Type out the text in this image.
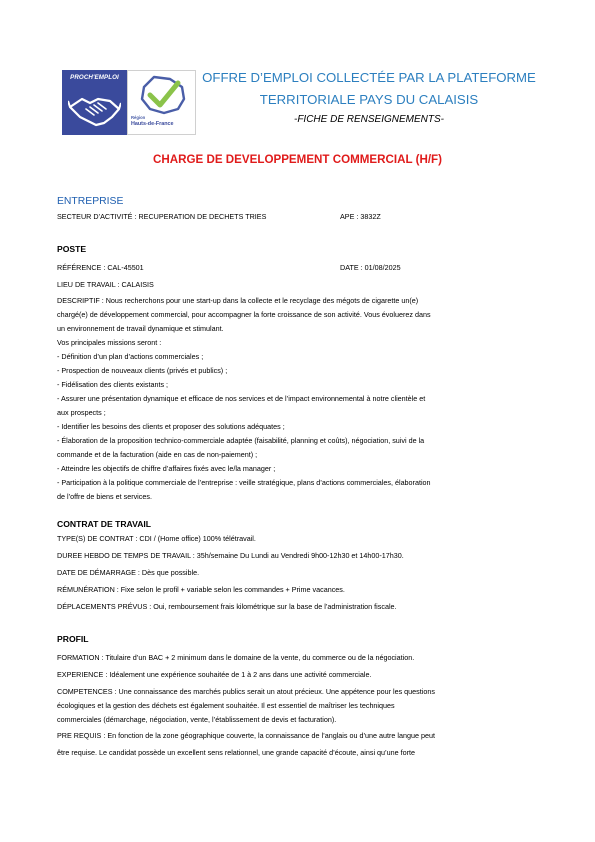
PROCH'EMPLOI
Région
Hauts-de-France
OFFRE D’EMPLOI COLLECTÉE PAR LA PLATEFORME
TERRITORIALE PAYS DU CALAISIS
-FICHE DE RENSEIGNEMENTS-
CHARGE DE DEVELOPPEMENT COMMERCIAL (H/F)
ENTREPRISE
SECTEUR D’ACTIVITÉ : RECUPERATION DE DECHETS TRIES	APE : 3832Z
POSTE
RÉFÉRENCE : CAL-45501	DATE : 01/08/2025
LIEU DE TRAVAIL : CALAISIS
DESCRIPTIF : Nous recherchons pour une start-up dans la collecte et le recyclage des mégots de cigarette un(e)
chargé(e) de développement commercial, pour accompagner la forte croissance de son activité. Vous évoluerez dans
un environnement de travail dynamique et stimulant.
Vos principales missions seront :
- Définition d’un plan d’actions commerciales ;
- Prospection de nouveaux clients (privés et publics) ;
- Fidélisation des clients existants ;
- Assurer une présentation dynamique et efficace de nos services et de l’impact environnemental à notre clientèle et
aux prospects ;
- Identifier les besoins des clients et proposer des solutions adéquates ;
- Élaboration de la proposition technico-commerciale adaptée (faisabilité, planning et coûts), négociation, suivi de la
commande et de la facturation (aide en cas de non-paiement) ;
- Atteindre les objectifs de chiffre d’affaires fixés avec le/la manager ;
- Participation à la politique commerciale de l’entreprise : veille stratégique, plans d’actions commerciales, élaboration
de l’offre de biens et services.
CONTRAT DE TRAVAIL
TYPE(S) DE CONTRAT : CDI / (Home office) 100% télétravail.
DUREE HEBDO DE TEMPS DE TRAVAIL : 35h/semaine Du Lundi au Vendredi 9h00-12h30 et 14h00-17h30.
DATE DE DÉMARRAGE : Dès que possible.
RÉMUNÉRATION : Fixe selon le profil + variable selon les commandes + Prime vacances.
DÉPLACEMENTS PRÉVUS : Oui, remboursement frais kilométrique sur la base de l’administration fiscale.
PROFIL
FORMATION : Titulaire d’un BAC + 2 minimum dans le domaine de la vente, du commerce ou de la négociation.
EXPERIENCE : Idéalement une expérience souhaitée de 1 à 2 ans dans une activité commerciale.
COMPETENCES : Une connaissance des marchés publics serait un atout précieux. Une appétence pour les questions
écologiques et la gestion des déchets est également souhaitée. Il est essentiel de maîtriser les techniques
commerciales (démarchage, négociation, vente, l’établissement de devis et facturation).
PRE REQUIS : En fonction de la zone géographique couverte, la connaissance de l’anglais ou d’une autre langue peut
être requise. Le candidat possède un excellent sens relationnel, une grande capacité d’écoute, ainsi qu’une forte
